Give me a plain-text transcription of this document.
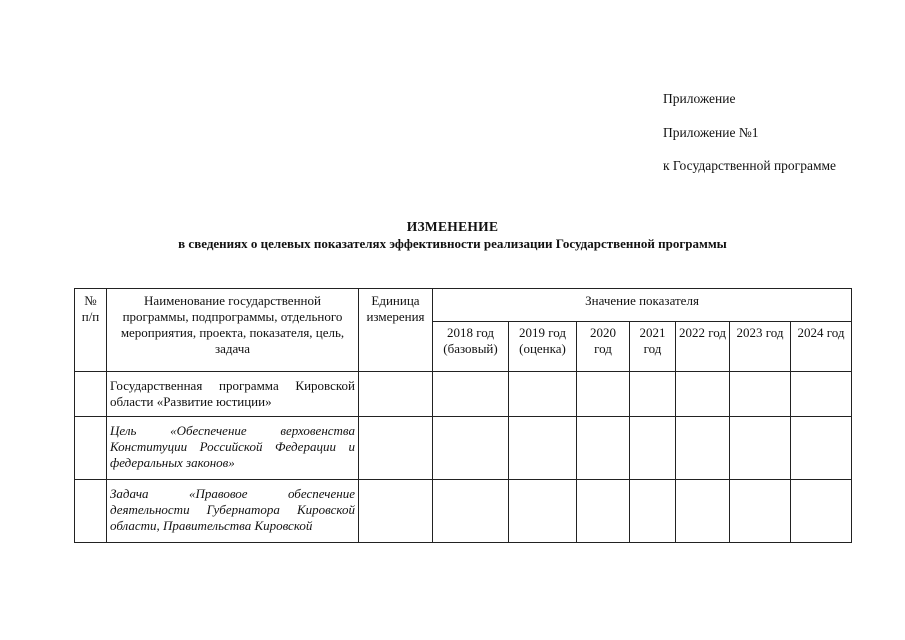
Приложение
Приложение №1
к Государственной программе
ИЗМЕНЕНИЕ
в сведениях о целевых показателях эффективности реализации Государственной программы
№ п/п	Наименование государственной программы, подпрограммы, отдельного мероприятия, проекта, показателя, цель, задача	Единица измерения	Значение показателя						
			2018 год (базовый)	2019 год (оценка)	2020 год	2021 год	2022 год	2023 год	2024 год
	Государственная программа Кировской области «Развитие юстиции»								
	Цель «Обеспечение верховенства Конституции Российской Федерации и федеральных законов»								
	Задача «Правовое обеспечение деятельности Губернатора Кировской области, Правительства Кировской								
